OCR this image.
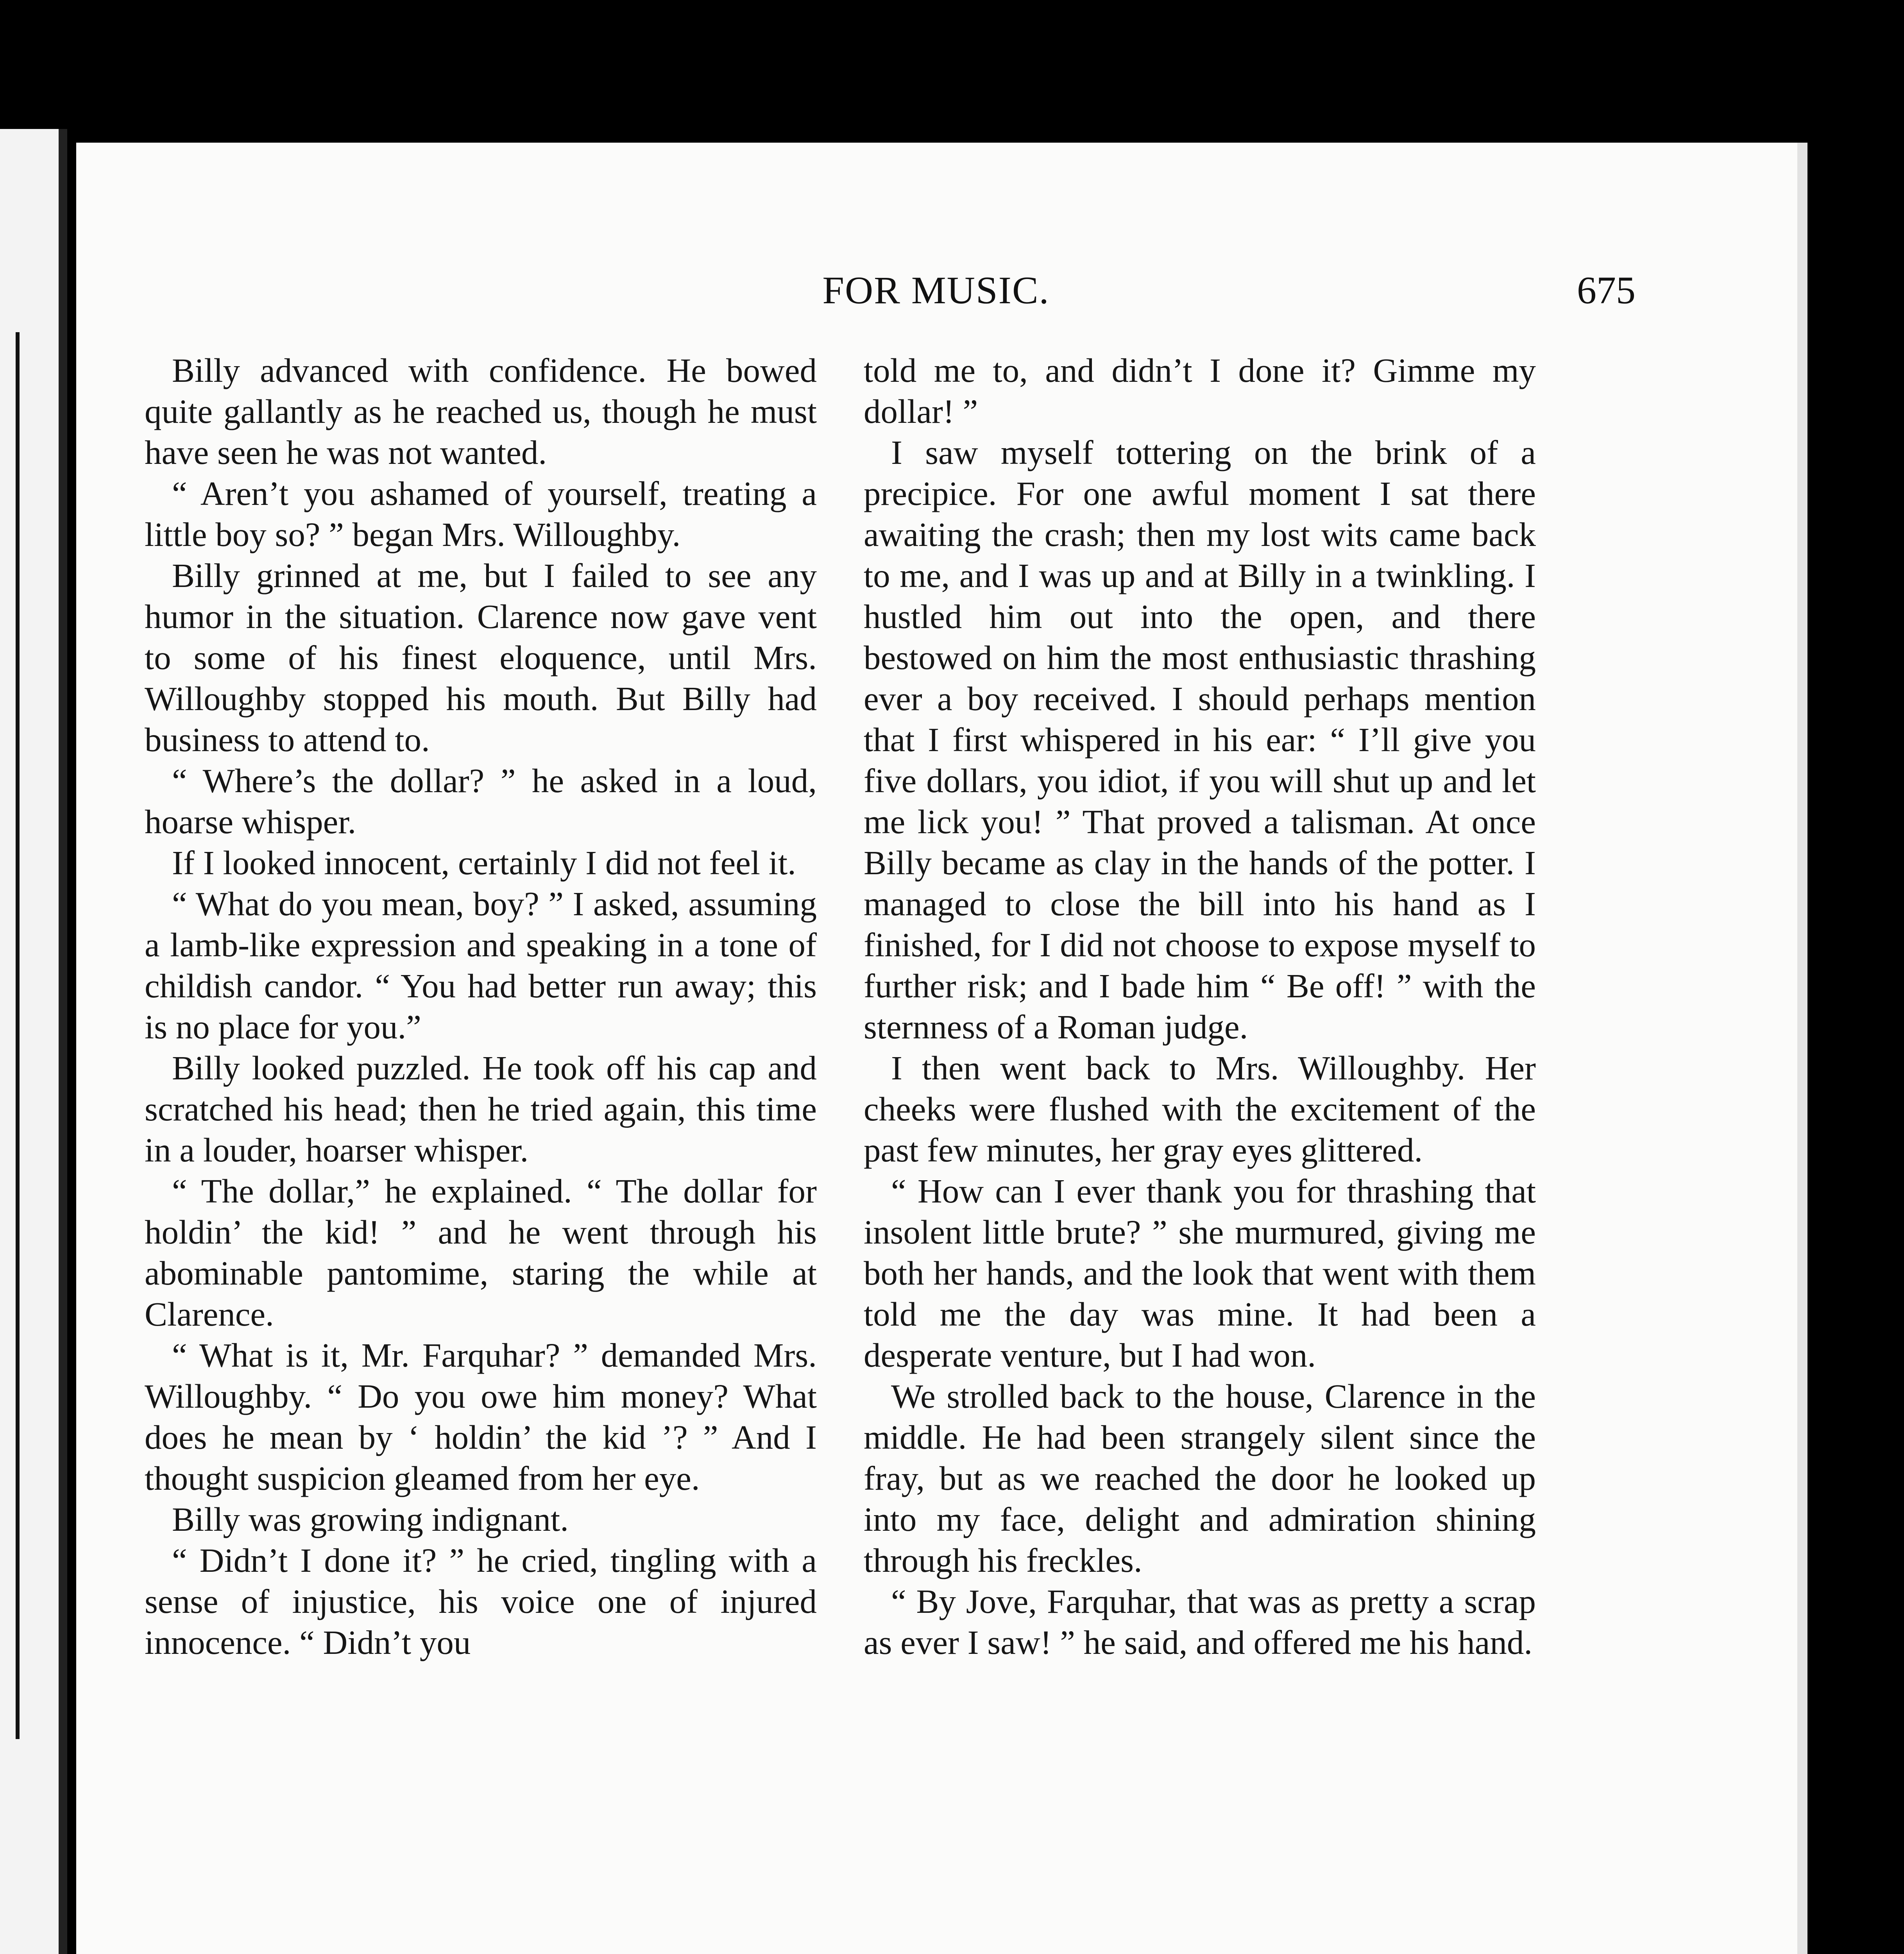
FOR MUSIC.	675

Billy advanced with confidence. He bowed quite gallantly as he reached us, though he must have seen he was not wanted.

“ Aren’t you ashamed of yourself, treating a little boy so? ” began Mrs. Willoughby.

Billy grinned at me, but I failed to see any humor in the situation. Clarence now gave vent to some of his finest eloquence, until Mrs. Willoughby stopped his mouth. But Billy had business to attend to.

“ Where’s the dollar? ” he asked in a loud, hoarse whisper.

If I looked innocent, certainly I did not feel it.

“ What do you mean, boy? ” I asked, assuming a lamb-like expression and speaking in a tone of childish candor. “ You had better run away; this is no place for you.”

Billy looked puzzled. He took off his cap and scratched his head; then he tried again, this time in a louder, hoarser whisper.

“ The dollar,” he explained. “ The dollar for holdin’ the kid! ” and he went through his abominable pantomime, staring the while at Clarence.

“ What is it, Mr. Farquhar? ” demanded Mrs. Willoughby. “ Do you owe him money? What does he mean by ‘ holdin’ the kid ’? ” And I thought suspicion gleamed from her eye.

Billy was growing indignant.

“ Didn’t I done it? ” he cried, tingling with a sense of injustice, his voice one of injured innocence. “ Didn’t you

told me to, and didn’t I done it? Gimme my dollar! ”

I saw myself tottering on the brink of a precipice. For one awful moment I sat there awaiting the crash; then my lost wits came back to me, and I was up and at Billy in a twinkling. I hustled him out into the open, and there bestowed on him the most enthusiastic thrashing ever a boy received. I should perhaps mention that I first whispered in his ear: “ I’ll give you five dollars, you idiot, if you will shut up and let me lick you! ” That proved a talisman. At once Billy became as clay in the hands of the potter. I managed to close the bill into his hand as I finished, for I did not choose to expose myself to further risk; and I bade him “ Be off! ” with the sternness of a Roman judge.

I then went back to Mrs. Willoughby. Her cheeks were flushed with the excitement of the past few minutes, her gray eyes glittered.

“ How can I ever thank you for thrashing that insolent little brute? ” she murmured, giving me both her hands, and the look that went with them told me the day was mine. It had been a desperate venture, but I had won.

We strolled back to the house, Clarence in the middle. He had been strangely silent since the fray, but as we reached the door he looked up into my face, delight and admiration shining through his freckles.

“ By Jove, Farquhar, that was as pretty a scrap as ever I saw! ” he said, and offered me his hand.
